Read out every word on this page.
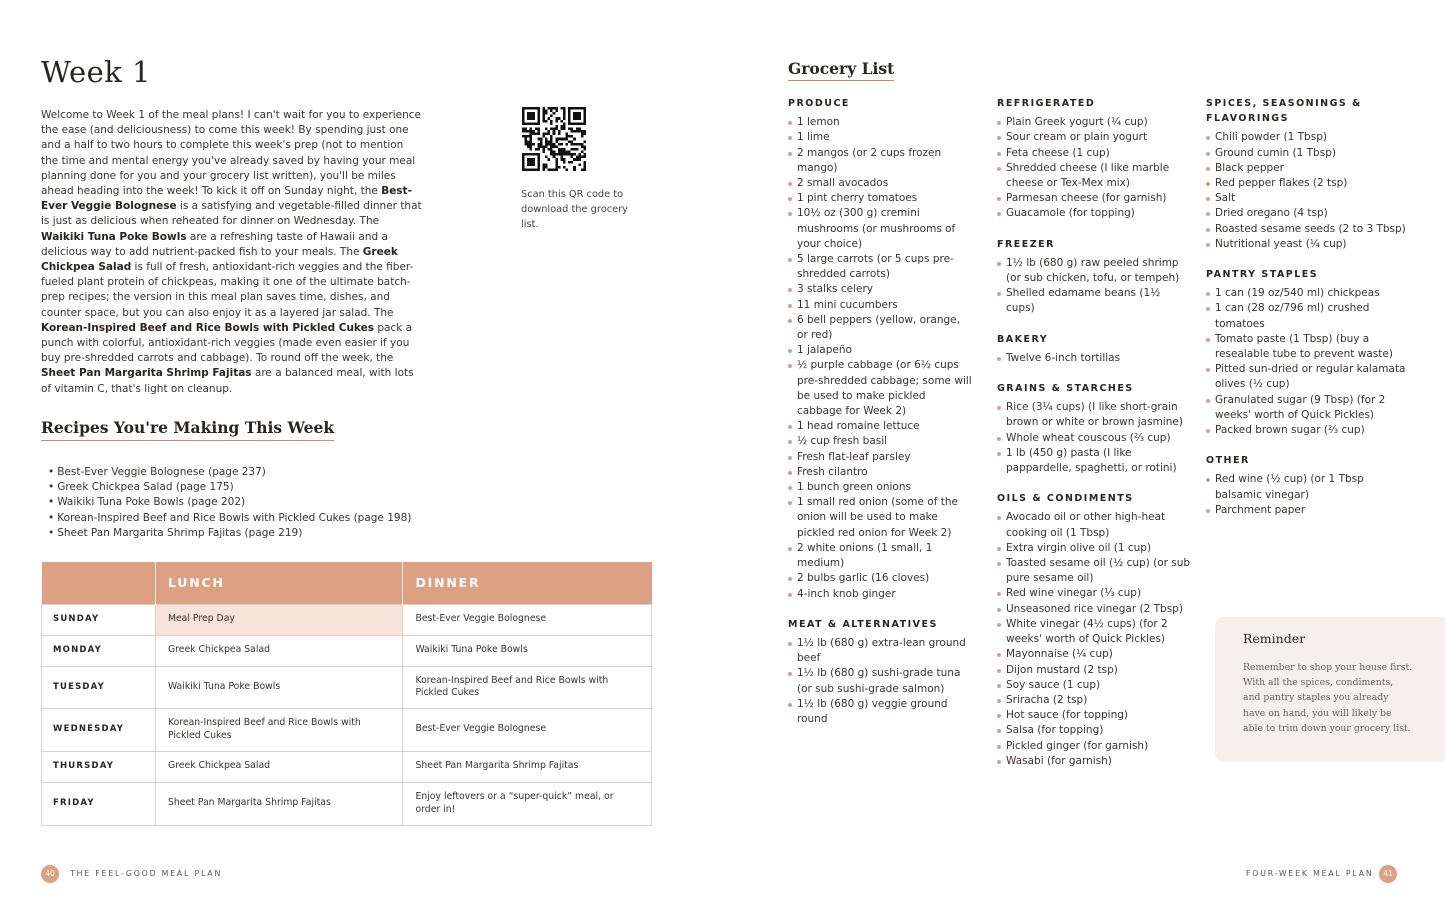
Week 1

Welcome to Week 1 of the meal plans! I can't wait for you to experience the ease (and deliciousness) to come this week! By spending just one and a half to two hours to complete this week's prep (not to mention the time and mental energy you've already saved by having your meal planning done for you and your grocery list written), you'll be miles ahead heading into the week! To kick it off on Sunday night, the Best-Ever Veggie Bolognese is a satisfying and vegetable-filled dinner that is just as delicious when reheated for dinner on Wednesday. The Waikiki Tuna Poke Bowls are a refreshing taste of Hawaii and a delicious way to add nutrient-packed fish to your meals. The Greek Chickpea Salad is full of fresh, antioxidant-rich veggies and the fiber-fueled plant protein of chickpeas, making it one of the ultimate batch-prep recipes; the version in this meal plan saves time, dishes, and counter space, but you can also enjoy it as a layered jar salad. The Korean-Inspired Beef and Rice Bowls with Pickled Cukes pack a punch with colorful, antioxidant-rich veggies (made even easier if you buy pre-shredded carrots and cabbage). To round off the week, the Sheet Pan Margarita Shrimp Fajitas are a balanced meal, with lots of vitamin C, that's light on cleanup.

Scan this QR code to download the grocery list.

Recipes You're Making This Week
• Best-Ever Veggie Bolognese (page 237)
• Greek Chickpea Salad (page 175)
• Waikiki Tuna Poke Bowls (page 202)
• Korean-Inspired Beef and Rice Bowls with Pickled Cukes (page 198)
• Sheet Pan Margarita Shrimp Fajitas (page 219)
	LUNCH	DINNER
SUNDAY	Meal Prep Day	Best-Ever Veggie Bolognese
MONDAY	Greek Chickpea Salad	Waikiki Tuna Poke Bowls
TUESDAY	Waikiki Tuna Poke Bowls	Korean-Inspired Beef and Rice Bowls with Pickled Cukes
WEDNESDAY	Korean-Inspired Beef and Rice Bowls with Pickled Cukes	Best-Ever Veggie Bolognese
THURSDAY	Greek Chickpea Salad	Sheet Pan Margarita Shrimp Fajitas
FRIDAY	Sheet Pan Margarita Shrimp Fajitas	Enjoy leftovers or a “super-quick” meal, or order in!
40	THE FEEL-GOOD MEAL PLAN
Grocery List
PRODUCE
1 lemon
1 lime
2 mangos (or 2 cups frozen mango)
2 small avocados
1 pint cherry tomatoes
10½ oz (300 g) cremini mushrooms (or mushrooms of your choice)
5 large carrots (or 5 cups pre-shredded carrots)
3 stalks celery
11 mini cucumbers
6 bell peppers (yellow, orange, or red)
1 jalapeño
½ purple cabbage (or 6½ cups pre-shredded cabbage; some will be used to make pickled cabbage for Week 2)
1 head romaine lettuce
½ cup fresh basil
Fresh flat-leaf parsley
Fresh cilantro
1 bunch green onions
1 small red onion (some of the onion will be used to make pickled red onion for Week 2)
2 white onions (1 small, 1 medium)
2 bulbs garlic (16 cloves)
4-inch knob ginger
MEAT & ALTERNATIVES
1½ lb (680 g) extra-lean ground beef
1½ lb (680 g) sushi-grade tuna (or sub sushi-grade salmon)
1½ lb (680 g) veggie ground round
REFRIGERATED
Plain Greek yogurt (¼ cup)
Sour cream or plain yogurt
Feta cheese (1 cup)
Shredded cheese (I like marble cheese or Tex-Mex mix)
Parmesan cheese (for garnish)
Guacamole (for topping)
FREEZER
1½ lb (680 g) raw peeled shrimp (or sub chicken, tofu, or tempeh)
Shelled edamame beans (1½ cups)
BAKERY
Twelve 6-inch tortillas
GRAINS & STARCHES
Rice (3¼ cups) (I like short-grain brown or white or brown jasmine)
Whole wheat couscous (⅔ cup)
1 lb (450 g) pasta (I like pappardelle, spaghetti, or rotini)
OILS & CONDIMENTS
Avocado oil or other high-heat cooking oil (1 Tbsp)
Extra virgin olive oil (1 cup)
Toasted sesame oil (½ cup) (or sub pure sesame oil)
Red wine vinegar (⅓ cup)
Unseasoned rice vinegar (2 Tbsp)
White vinegar (4½ cups) (for 2 weeks' worth of Quick Pickles)
Mayonnaise (¼ cup)
Dijon mustard (2 tsp)
Soy sauce (1 cup)
Sriracha (2 tsp)
Hot sauce (for topping)
Salsa (for topping)
Pickled ginger (for garnish)
Wasabi (for garnish)
SPICES, SEASONINGS & FLAVORINGS
Chili powder (1 Tbsp)
Ground cumin (1 Tbsp)
Black pepper
Red pepper flakes (2 tsp)
Salt
Dried oregano (4 tsp)
Roasted sesame seeds (2 to 3 Tbsp)
Nutritional yeast (¼ cup)
PANTRY STAPLES
1 can (19 oz/540 ml) chickpeas
1 can (28 oz/796 ml) crushed tomatoes
Tomato paste (1 Tbsp) (buy a resealable tube to prevent waste)
Pitted sun-dried or regular kalamata olives (½ cup)
Granulated sugar (9 Tbsp) (for 2 weeks' worth of Quick Pickles)
Packed brown sugar (⅔ cup)
OTHER
Red wine (½ cup) (or 1 Tbsp balsamic vinegar)
Parchment paper
Reminder

Remember to shop your house first. With all the spices, condiments, and pantry staples you already have on hand, you will likely be able to trim down your grocery list.

FOUR-WEEK MEAL PLAN	41
